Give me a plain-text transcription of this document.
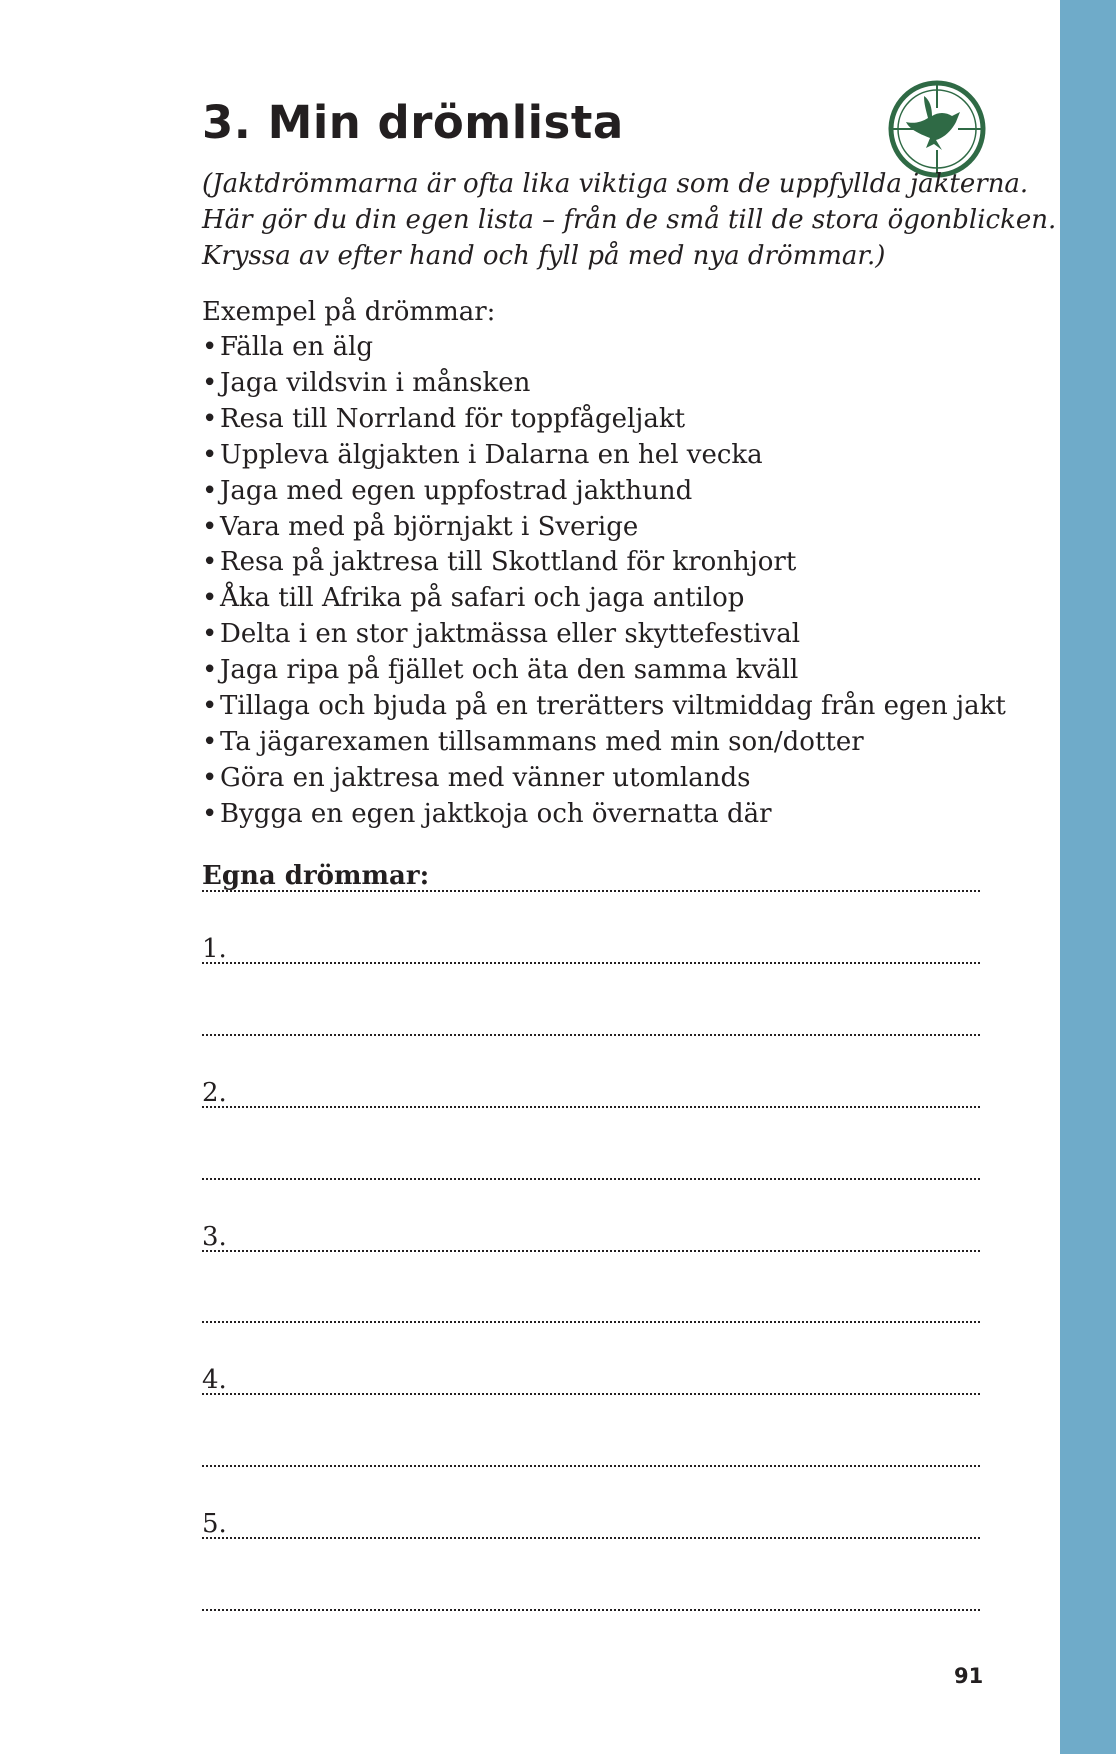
3. Min drömlista
(Jaktdrömmarna är ofta lika viktiga som de uppfyllda jakterna.
Här gör du din egen lista – från de små till de stora ögonblicken.
Kryssa av efter hand och fyll på med nya drömmar.)
Exempel på drömmar:
• Fälla en älg
• Jaga vildsvin i månsken
• Resa till Norrland för toppfågeljakt
• Uppleva älgjakten i Dalarna en hel vecka
• Jaga med egen uppfostrad jakthund
• Vara med på björnjakt i Sverige
• Resa på jaktresa till Skottland för kronhjort
• Åka till Afrika på safari och jaga antilop
• Delta i en stor jaktmässa eller skyttefestival
• Jaga ripa på fjället och äta den samma kväll
• Tillaga och bjuda på en trerätters viltmiddag från egen jakt
• Ta jägarexamen tillsammans med min son/dotter
• Göra en jaktresa med vänner utomlands
• Bygga en egen jaktkoja och övernatta där
Egna drömmar:
1.
2.
3.
4.
5.
91
